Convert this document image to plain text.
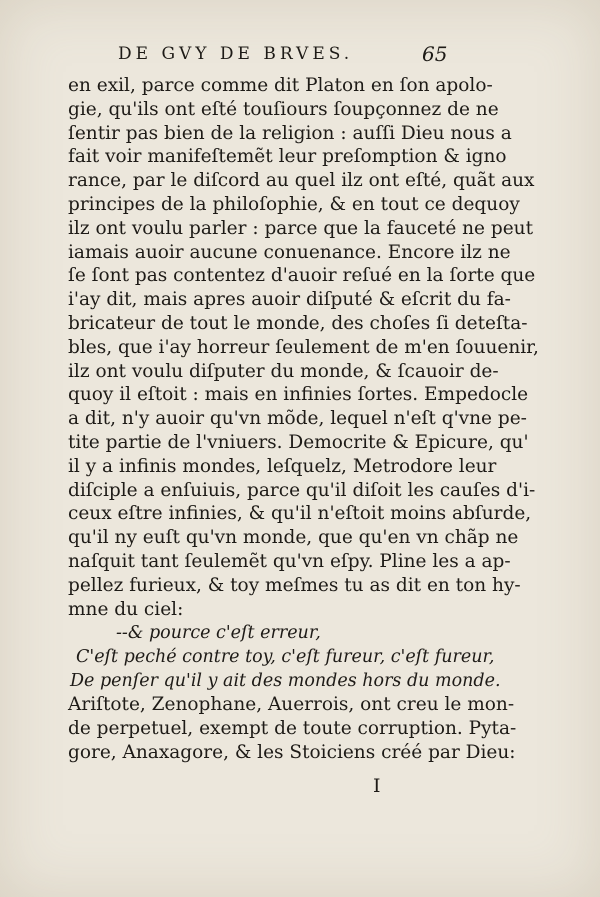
DE GVY DE BRVES.	65
en exil, parce comme dit Platon en ſon apolo-
gie, qu'ils ont eſté touſiours ſoupçonnez de ne
ſentir pas bien de la religion : auſſi Dieu nous a
fait voir manifeſtemẽt leur preſomption & igno
rance, par le diſcord au quel ilz ont eſté, quãt aux
principes de la philoſophie, & en tout ce dequoy
ilz ont voulu parler : parce que la fauceté ne peut
iamais auoir aucune conuenance. Encore ilz ne
ſe ſont pas contentez d'auoir reſué en la ſorte que
i'ay dit, mais apres auoir diſputé & eſcrit du fa-
bricateur de tout le monde, des choſes ſi deteſta-
bles, que i'ay horreur ſeulement de m'en ſouuenir,
ilz ont voulu diſputer du monde, & ſcauoir de-
quoy il eſtoit : mais en infinies ſortes. Empedocle
a dit, n'y auoir qu'vn mõde, lequel n'eſt q'vne pe-
tite partie de l'vniuers. Democrite & Epicure, qu'
il y a infinis mondes, leſquelz, Metrodore leur
diſciple a enſuiuis, parce qu'il diſoit les cauſes d'i-
ceux eſtre infinies, & qu'il n'eſtoit moins abſurde,
qu'il ny euſt qu'vn monde, que qu'en vn chãp ne
naſquit tant ſeulemẽt qu'vn eſpy. Pline les a ap-
pellez furieux, & toy meſmes tu as dit en ton hy-
mne du ciel:
--& pource c'eſt erreur,
C'eſt peché contre toy, c'eſt fureur, c'eſt fureur,
De penſer qu'il y ait des mondes hors du monde.
Ariſtote, Zenophane, Auerrois, ont creu le mon-
de perpetuel, exempt de toute corruption. Pyta-
gore, Anaxagore, & les Stoiciens créé par Dieu:
I
